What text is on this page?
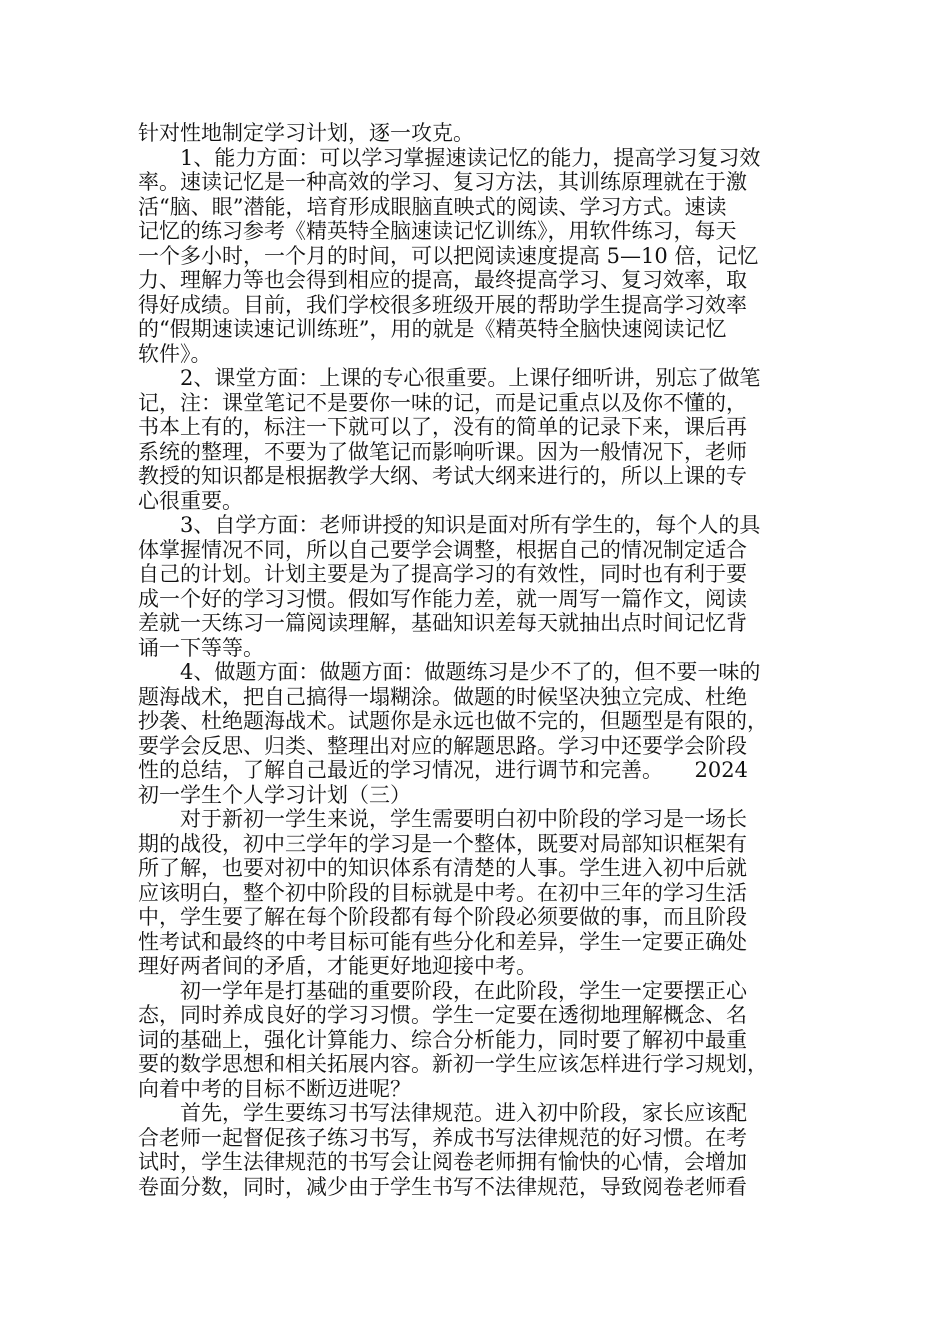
针对性地制定学习计划，逐一攻克。
　　1、能力方面：可以学习掌握速读记忆的能力，提高学习复习效
率。速读记忆是一种高效的学习、复习方法，其训练原理就在于激
活“脑、眼”潜能，培育形成眼脑直映式的阅读、学习方式。速读
记忆的练习参考《精英特全脑速读记忆训练》，用软件练习，每天
一个多小时，一个月的时间，可以把阅读速度提高 5—10 倍，记忆
力、理解力等也会得到相应的提高，最终提高学习、复习效率，取
得好成绩。目前，我们学校很多班级开展的帮助学生提高学习效率
的“假期速读速记训练班”，用的就是《精英特全脑快速阅读记忆
软件》。
　　2、课堂方面：上课的专心很重要。上课仔细听讲，别忘了做笔
记，注：课堂笔记不是要你一味的记，而是记重点以及你不懂的，
书本上有的，标注一下就可以了，没有的简单的记录下来，课后再
系统的整理，不要为了做笔记而影响听课。因为一般情况下，老师
教授的知识都是根据教学大纲、考试大纲来进行的，所以上课的专
心很重要。
　　3、自学方面：老师讲授的知识是面对所有学生的，每个人的具
体掌握情况不同，所以自己要学会调整，根据自己的情况制定适合
自己的计划。计划主要是为了提高学习的有效性，同时也有利于要
成一个好的学习习惯。假如写作能力差，就一周写一篇作文，阅读
差就一天练习一篇阅读理解，基础知识差每天就抽出点时间记忆背
诵一下等等。
　　4、做题方面：做题方面：做题练习是少不了的，但不要一味的
题海战术，把自己搞得一塌糊涂。做题的时候坚决独立完成、杜绝
抄袭、杜绝题海战术。试题你是永远也做不完的，但题型是有限的，
要学会反思、归类、整理出对应的解题思路。学习中还要学会阶段
性的总结，了解自己最近的学习情况，进行调节和完善。　　2024
初一学生个人学习计划（三）
　　对于新初一学生来说，学生需要明白初中阶段的学习是一场长
期的战役，初中三学年的学习是一个整体，既要对局部知识框架有
所了解，也要对初中的知识体系有清楚的人事。学生进入初中后就
应该明白，整个初中阶段的目标就是中考。在初中三年的学习生活
中，学生要了解在每个阶段都有每个阶段必须要做的事，而且阶段
性考试和最终的中考目标可能有些分化和差异，学生一定要正确处
理好两者间的矛盾，才能更好地迎接中考。
　　初一学年是打基础的重要阶段，在此阶段，学生一定要摆正心
态，同时养成良好的学习习惯。学生一定要在透彻地理解概念、名
词的基础上，强化计算能力、综合分析能力，同时要了解初中最重
要的数学思想和相关拓展内容。新初一学生应该怎样进行学习规划，
向着中考的目标不断迈进呢？
　　首先，学生要练习书写法律规范。进入初中阶段，家长应该配
合老师一起督促孩子练习书写，养成书写法律规范的好习惯。在考
试时，学生法律规范的书写会让阅卷老师拥有愉快的心情，会增加
卷面分数，同时，减少由于学生书写不法律规范，导致阅卷老师看
